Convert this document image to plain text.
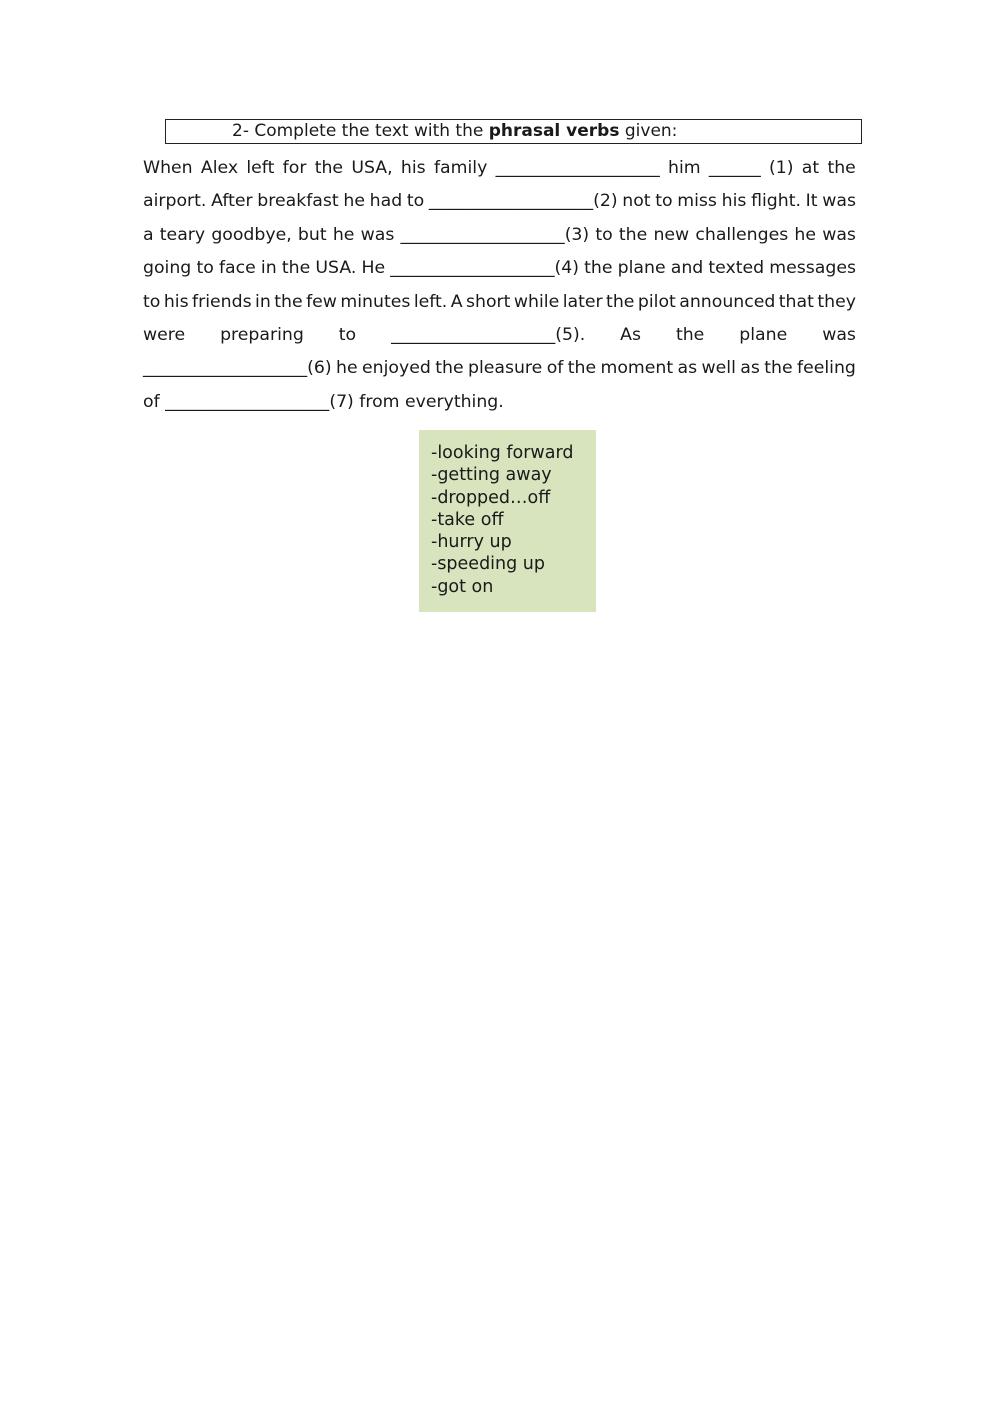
2- Complete the text with the phrasal verbs given:
When Alex left for the USA, his family ___________________ him ______ (1) at the
airport. After breakfast he had to ___________________(2) not to miss his flight. It was
a teary goodbye, but he was ___________________(3) to the new challenges he was
going to face in the USA. He ___________________(4) the plane and texted messages
to his friends in the few minutes left. A short while later the pilot announced that they
were preparing to ___________________(5). As the plane was
___________________(6) he enjoyed the pleasure of the moment as well as the feeling
of ___________________(7) from everything.
-looking forward
-getting away
-dropped…off
-take off
-hurry up
-speeding up
-got on
